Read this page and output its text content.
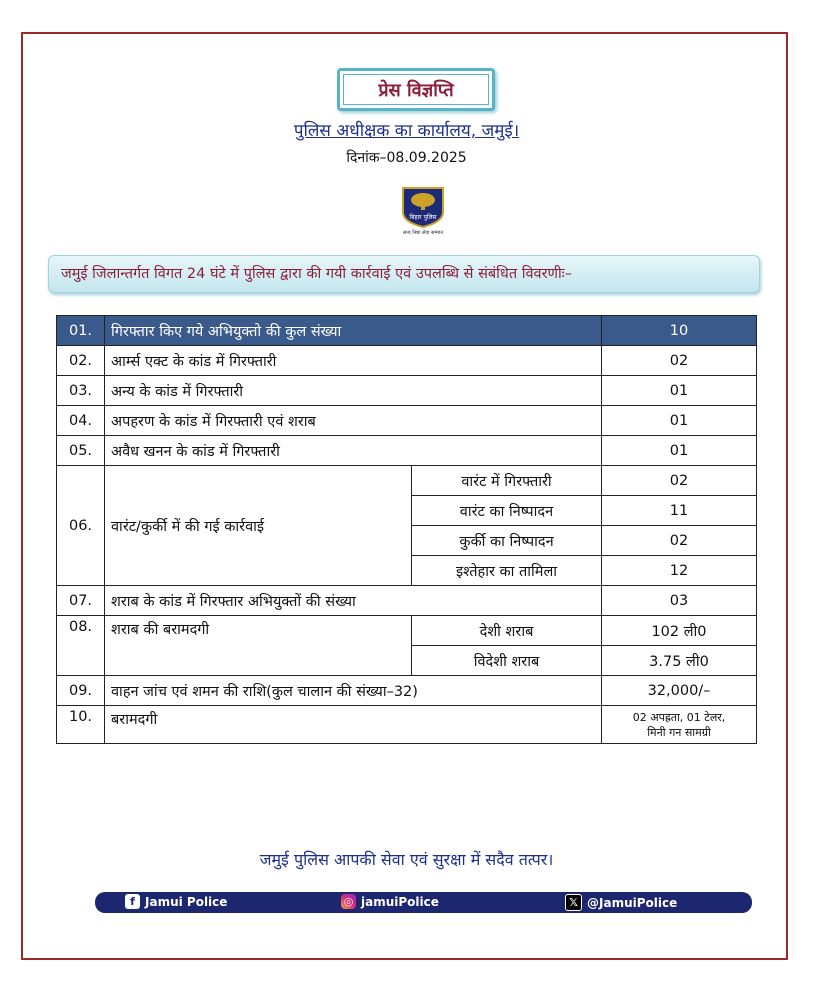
प्रेस विज्ञप्ति
पुलिस अधीक्षक का कार्यालय, जमुई।
दिनांक–08.09.2025
बिहार पुलिस
सत्य निष्ठा सेवा सम्मान
जमुई जिलान्तर्गत विगत 24 घंटे में पुलिस द्वारा की गयी कार्रवाई एवं उपलब्धि से संबंधित विवरणीः–
01.	गिरफ्तार किए गये अभियुक्तो की कुल संख्या		10
02.	आर्म्स एक्ट के कांड में गिरफ्तारी		02
03.	अन्य के कांड में गिरफ्तारी		01
04.	अपहरण के कांड में गिरफ्तारी एवं शराब		01
05.	अवैध खनन के कांड में गिरफ्तारी		01
06.	वारंट/कुर्की में की गई कार्रवाई	वारंट में गिरफ्तारी	02
		वारंट का निष्पादन	11
		कुर्की का निष्पादन	02
		इश्तेहार का तामिला	12
07.	शराब के कांड में गिरफ्तार अभियुक्तों की संख्या		03
08.	शराब की बरामदगी	देशी शराब	102 ली0
		विदेशी शराब	3.75 ली0
09.	वाहन जांच एवं शमन की राशि(कुल चालान की संख्या–32)		32,000/–
10.	बरामदगी		02 अपह्रता, 01 टेलर,
मिनी गन सामग्री
जमुई पुलिस आपकी सेवा एवं सुरक्षा में सदैव तत्पर।
f Jamui Police	◎ jamuiPolice	𝕏 @JamuiPolice
